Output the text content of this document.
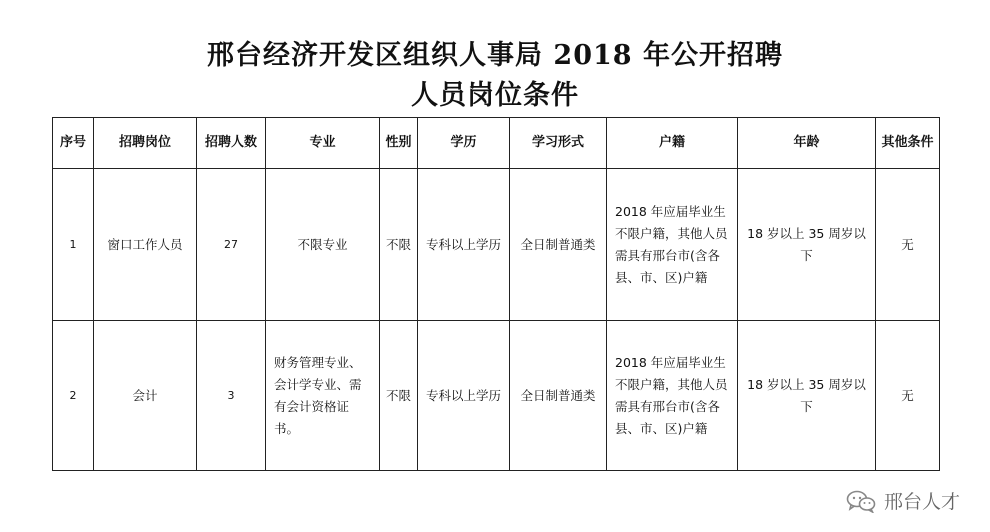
邢台经济开发区组织人事局 2018 年公开招聘
人员岗位条件
序号	招聘岗位	招聘人数	专业	性别	学历	学习形式	户籍	年龄	其他条件
1	窗口工作人员	27	不限专业	不限	专科以上学历	全日制普通类	2018 年应届毕业生不限户籍，其他人员需具有邢台市(含各县、市、区)户籍	18 岁以上 35 周岁以下	无
2	会计	3	财务管理专业、会计学专业、需有会计资格证书。	不限	专科以上学历	全日制普通类	2018 年应届毕业生不限户籍，其他人员需具有邢台市(含各县、市、区)户籍	18 岁以上 35 周岁以下	无
邢台人才
